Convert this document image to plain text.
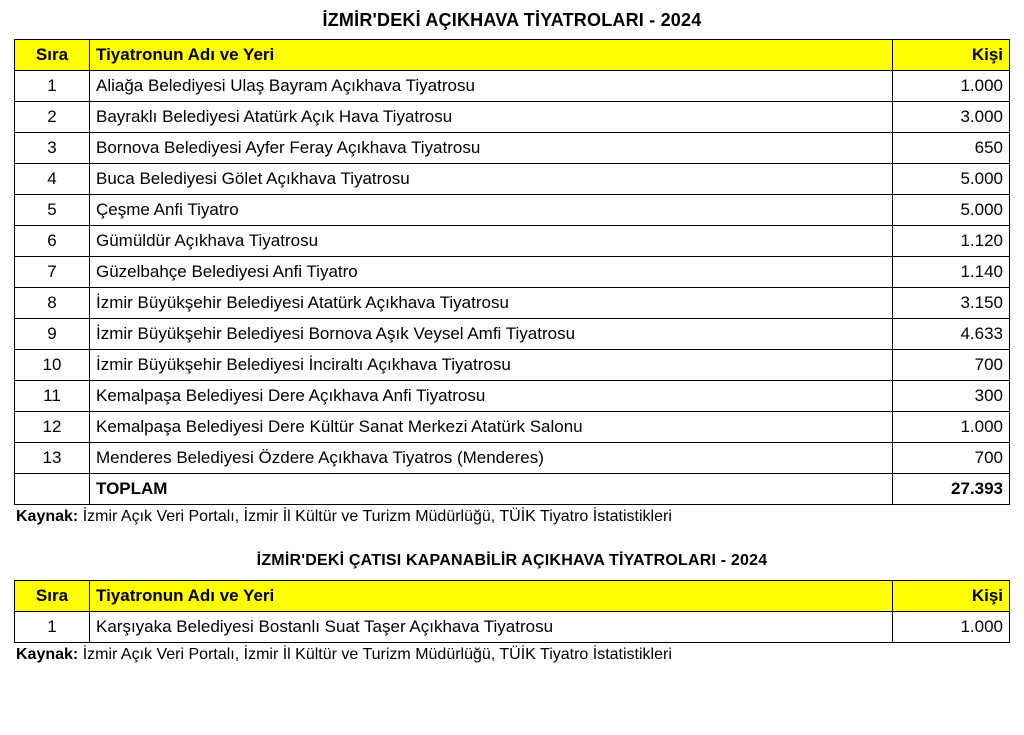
İZMİR'DEKİ AÇIKHAVA TİYATROLARI - 2024
Sıra	Tiyatronun Adı ve Yeri	Kişi
1	Aliağa Belediyesi Ulaş Bayram Açıkhava Tiyatrosu	1.000
2	Bayraklı Belediyesi Atatürk Açık Hava Tiyatrosu	3.000
3	Bornova Belediyesi Ayfer Feray Açıkhava Tiyatrosu	650
4	Buca Belediyesi Gölet Açıkhava Tiyatrosu	5.000
5	Çeşme Anfi Tiyatro	5.000
6	Gümüldür Açıkhava Tiyatrosu	1.120
7	Güzelbahçe Belediyesi Anfi Tiyatro	1.140
8	İzmir Büyükşehir Belediyesi Atatürk Açıkhava Tiyatrosu	3.150
9	İzmir Büyükşehir Belediyesi Bornova Aşık Veysel Amfi Tiyatrosu	4.633
10	İzmir Büyükşehir Belediyesi İnciraltı Açıkhava Tiyatrosu	700
11	Kemalpaşa Belediyesi Dere Açıkhava Anfi Tiyatrosu	300
12	Kemalpaşa Belediyesi Dere Kültür Sanat Merkezi Atatürk Salonu	1.000
13	Menderes Belediyesi Özdere Açıkhava Tiyatros (Menderes)	700
	TOPLAM	27.393

Kaynak: İzmir Açık Veri Portalı, İzmir İl Kültür ve Turizm Müdürlüğü, TÜİK Tiyatro İstatistikleri

İZMİR'DEKİ ÇATISI KAPANABİLİR AÇIKHAVA TİYATROLARI - 2024
Sıra	Tiyatronun Adı ve Yeri	Kişi
1	Karşıyaka Belediyesi Bostanlı Suat Taşer Açıkhava Tiyatrosu	1.000

Kaynak: İzmir Açık Veri Portalı, İzmir İl Kültür ve Turizm Müdürlüğü, TÜİK Tiyatro İstatistikleri
